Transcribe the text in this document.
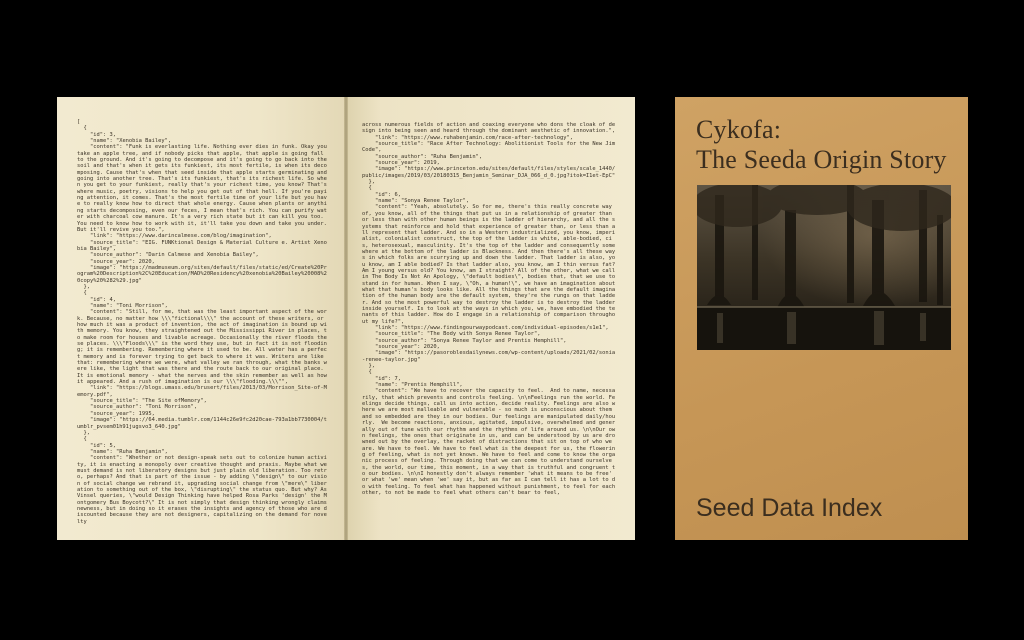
[
{
"id": 3,
"name": "Xenobia Bailey",
"content": "Funk is everlasting life. Nothing ever dies in funk. Okay you take an apple tree, and if nobody picks that apple, that apple is going fall to the ground. And it's going to decompose and it's going to go back into the soil and that's when it gets its funkiest, its most fertile, is when its decomposing. Cause that's when that seed inside that apple starts germinating and going into another tree. That's its funkiest, that's its richest life. So when you get to your funkiest, really that's your richest time, you know? That's where music, poetry, visions to help you get out of that hell. If you're paying attention, it comes. That's the most fertile time of your life but you have to really know how to direct that whole energy. Cause when plants or anything starts decomposing, even our feces, I mean that's rich. You can purify water with charcoal cow manure. It's a very rich state but it can kill you too. You need to know how to work with it, it'll take you down and take you under. But it'll revive you too.",
"link": "https://www.darincalmese.com/blog/imagination",
"source_title": "EIG. FUNKtional Design & Material Culture e. Artist Xenobia Bailey",
"source_author": "Darin Calmese and Xenobia Bailey",
"source_year": 2020,
"image": "https://madmuseum.org/sites/default/files/static/ed/Create%20Program%20Description%2C%20Education/MAD%20Residency%20xenobia%20Bailey%20008%20copy%20%282%29.jpg"
},
{
"id": 4,
"name": "Toni Morrison",
"content": "Still, for me, that was the least important aspect of the work. Because, no matter how \\\"fictional\\\" the account of these writers, or how much it was a product of invention, the act of imagination is bound up with memory. You know, they straightened out the Mississippi River in places, to make room for houses and livable acreage. Occasionally the river floods these places. \\\"Floods\\\" is the word they use, but in fact it is not flooding; it is remembering. Remembering where it used to be. All water has a perfect memory and is forever trying to get back to where it was. Writers are like that: remembering where we were, what valley we ran through, what the banks were like, the light that was there and the route back to our original place. It is emotional memory - what the nerves and the skin remember as well as how it appeared. And a rush of imagination is our \\\"flooding.\\\"",
"link": "https://blogs.umass.edu/brusert/files/2013/03/Morrison_Site-of-Memory.pdf",
"source_title": "The Site ofMemory",
"source_author": "Toni Morrison",
"source_year": 1995,
"image": "https://64.media.tumblr.com/1144c26e9fc2d20cae-793a1bb7730004/tumblr_pvsem01h91jugsvo3_640.jpg"
},
{
"id": 5,
"name": "Ruha Benjamin",
"content": "Whether or not design-speak sets out to colonize human activity, it is enacting a monopoly over creative thought and praxis. Maybe what we must demand is not liberatory designs but just plain old liberation. Too retro, perhaps? And that is part of the issue - by adding \"design\" to our vision of social change we rebrand it, upgrading social change from \"mere\" liberation to something out of the box, \"disrupting\" the status quo. But why? As Vinsel queries, \"would Design Thinking have helped Rosa Parks 'design' the Montgomery Bus Boycott?\" It is not simply that design thinking wrongly claims newness, but in doing so it erases the insights and agency of those who are discounted because they are not designers, capitalizing on the demand for novelty
across numerous fields of action and coaxing everyone who dons the cloak of design into being seen and heard through the dominant aesthetic of innovation.",
"link": "https://www.ruhabenjamin.com/race-after-technology",
"source_title": "Race After Technology: Abolitionist Tools for the New Jim Code",
"source_author": "Ruha Benjamin",
"source_year": 2019,
"image": "https://www.princeton.edu/sites/default/files/styles/scale_1440/public/images/2019/03/20180315_Benjamin_Seminar_DJA_066_d_0.jpg?itok=I1et-EpC"
},
{
"id": 6,
"name": "Sonya Renee Taylor",
"content": "Yeah, absolutely. So for me, there's this really concrete way of, you know, all of the things that put us in a relationship of greater than or less than with other human beings is the ladder of hierarchy, and all the systems that reinforce and hold that experience of greater than, or less than all represent that ladder. And so in a Western industrialized, you know, imperialist, colonialist construct, the top of the ladder is white, able-bodied, cis, heterosexual, masculinity. It's the top of the ladder and consequently somewhere at the bottom of the ladder is Blackness. And then there's all these ways in which folks are scurrying up and down the ladder. That ladder is also, you know, am I able bodied? Is that ladder also, you know, am I thin versus fat? Am I young versus old? You know, am I straight? All of the other, what we call in The Body Is Not An Apology, \"default bodies\", bodies that, that we use to stand in for human. When I say, \"Oh, a human!\", we have an imagination about what that human's body looks like. All the things that are the default imagination of the human body are the default system, they're the rungs on that ladder. And so the most powerful way to destroy the ladder is to destroy the ladder inside yourself. Is to look at the ways in which you, we, have embodied the tenants of this ladder. How do I engage in a relationship of comparison throughout my life?",
"link": "https://www.findingourwaypodcast.com/individual-episodes/s1e1",
"source_title": "The Body with Sonya Renee Taylor",
"source_author": "Sonya Renee Taylor and Prentis Hemphill",
"source_year": 2020,
"image": "https://pasoroblesdailynews.com/wp-content/uploads/2021/02/sonia-renee-taylor.jpg"
},
{
"id": 7,
"name": "Prentis Hemphill",
"content": "We have to recover the capacity to feel.  And to name, necessarily, that which prevents and controls feeling. \n\nFeelings run the world. Feelings decide things, call us into action, decide reality. Feelings are also where we are most malleable and vulnerable - so much is unconscious about them and so embedded are they in our bodies. Our feelings are manipulated daily/hourly.  We become reactions, anxious, agitated, impulsive, overwhelmed and generally out of tune with our rhythm and the rhythms of life around us. \n\nOur own feelings, the ones that originate in us, and can be understood by us are drowned out by the overlay, the racket of distractions that sit on top of who we are. We have to feel. We have to feel what is the deepest for us, the flowering of feeling, what is not yet known. We have to feel and come to know the organic process of feeling. Through doing that we can come to understand ourselves, the world, our time, this moment, in a way that is truthful and congruent to our bodies. \n\nI honestly don't always remember 'what it means to be free' or what 'we' mean when 'we' say it, but as far as I can tell it has a lot to do with feeling. To feel what has happened without punishment, to feel for each other, to not be made to feel what others can't bear to feel,
Cykofa:
The Seeda Origin Story

Seed Data Index
